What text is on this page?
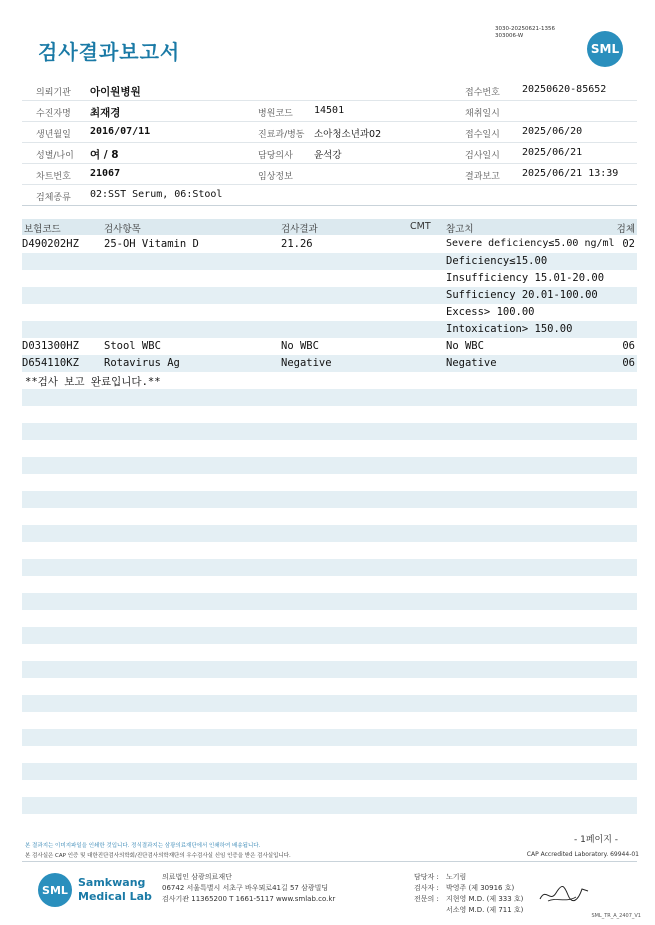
검사결과보고서
3030-20250621-1356
303006-W
SML
의뢰기관 아이원병원	접수번호 20250620-85652
수진자명 최재경	병원코드 14501	채취일시
생년월일 2016/07/11	진료과/병동 소아청소년과02	접수일시 2025/06/20
성별/나이 여 / 8	담당의사 윤석강	검사일시 2025/06/21
차트번호 21067	임상정보	결과보고 2025/06/21 13:39
검체종류 02:SST Serum, 06:Stool
보험코드	검사항목	검사결과	CMT 참고치	검체
D490202HZ 25-OH Vitamin D	21.26	Severe deficiency≤5.00 ng/ml 02
Deficiency≤15.00
Insufficiency 15.01-20.00
Sufficiency 20.01-100.00
Excess> 100.00
Intoxication> 150.00
D031300HZ Stool WBC	No WBC	No WBC	06
D654110KZ Rotavirus Ag	Negative	Negative	06
**검사 보고 완료입니다.**
- 1페이지 -
본 결과지는 이미지파일을 인쇄한 것입니다. 정식결과지는 삼광의료재단에서 인쇄하여 배송됩니다.
본 검사실은 CAP 인증 및 대한진단검사의학회/진단검사의학재단의 우수검사실 신임 인증을 받은 검사실입니다.	CAP Accredited Laboratory. 69944-01
SML
Samkwang
Medical Lab
의료법인 삼광의료재단
06742 서울특별시 서초구 바우뫼로41길 57 삼광빌딩
검사기관 11365200 T 1661-5117 www.smlab.co.kr
담당자 :	노기림
검사자 :	박영주 (제 30916 호)
전문의 :	지현영 M.D. (제 333 호)
서소영 M.D. (제 711 호)
SML_TR_A_2407_V1
